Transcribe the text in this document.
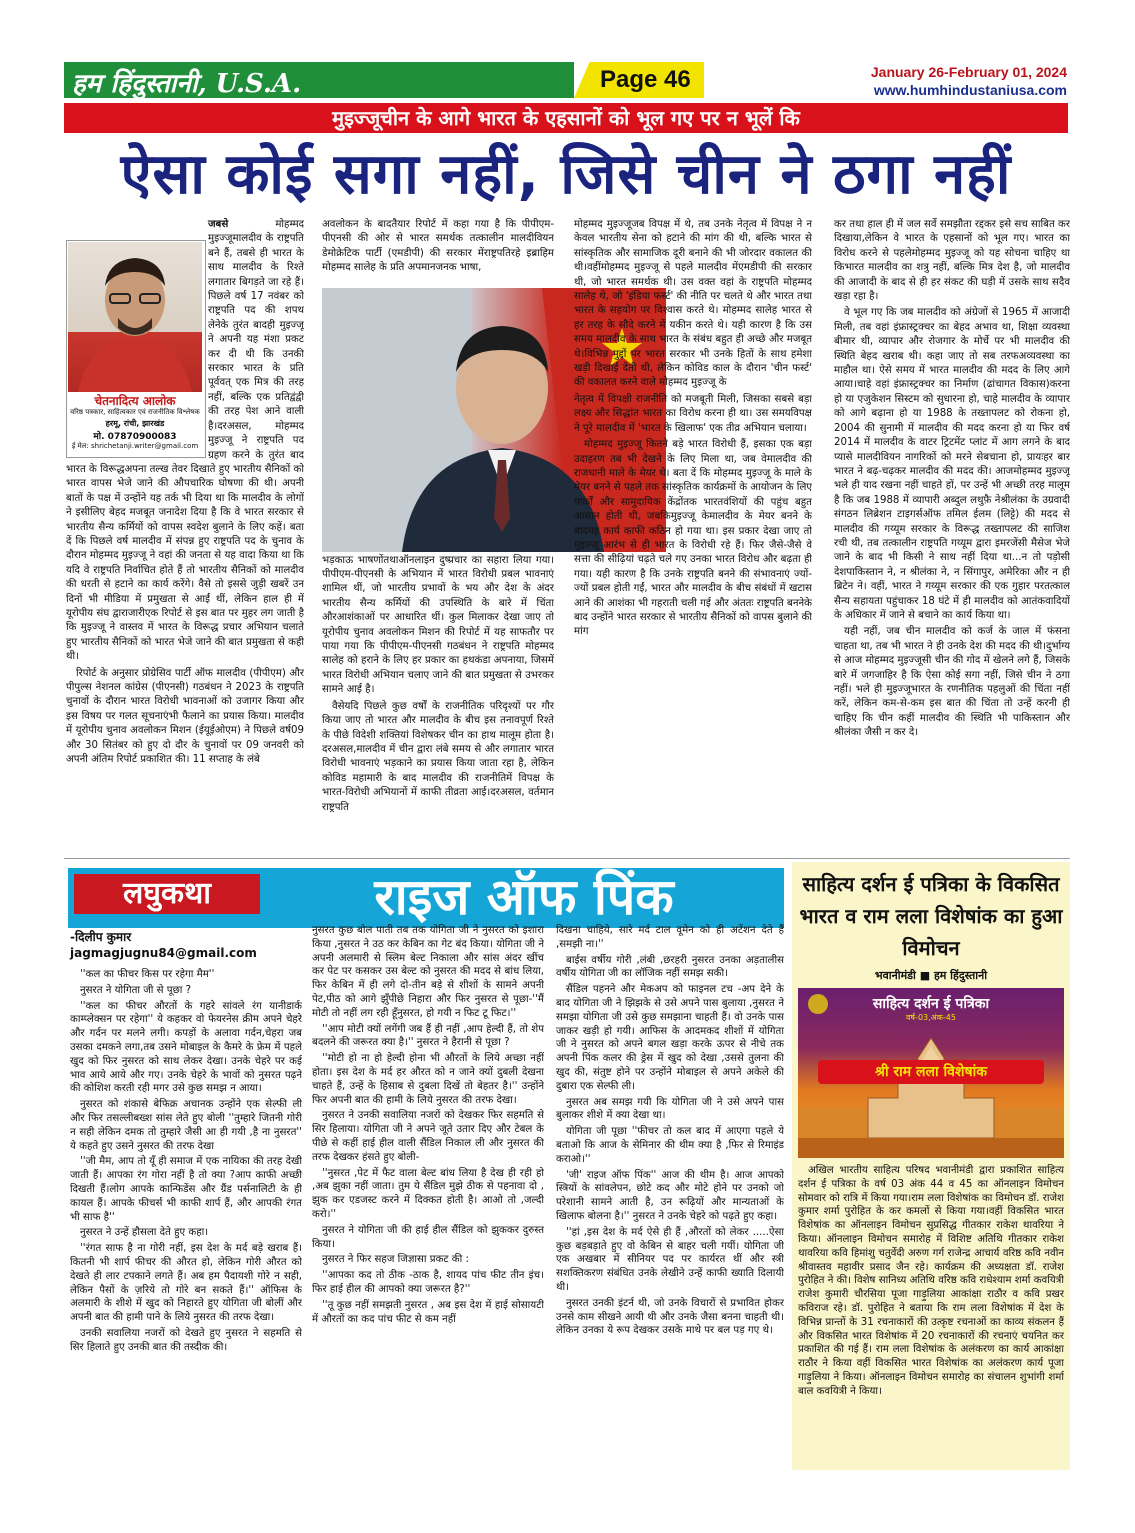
हम हिंदुस्तानी, U.S.A.	Page 46	January 26-February 01, 2024
www.humhindustaniusa.com
मुइज्जूचीन के आगे भारत के एहसानों को भूल गए पर न भूलें कि
ऐसा कोई सगा नहीं, जिसे चीन ने ठगा नहीं

जबसे	मोहम्मद मुइज्जूमालदीव के राष्ट्रपति बने हैं, तबसे ही भारत के साथ मालदीव के रिश्ते लगातार बिगड़ते जा रहे हैं। पिछले वर्ष 17 नवंबर को राष्ट्रपति पद की शपथ लेनेके तुरंत बादही मुइज्जू ने अपनी यह मंशा प्रकट कर दी थी कि उनकी सरकार भारत के प्रति पूर्ववत् एक मित्र की तरह नहीं, बल्कि एक प्रतिद्वंद्वी की तरह पेश आने वाली है।दरअसल, मोहम्मद मुइज्जू ने राष्ट्रपति पद ग्रहण करने के तुरंत बाद भारत के विरूद्धअपना तल्ख तेवर दिखाते हुए भारतीय सैनिकों को भारत वापस भेजे जाने की औपचारिक घोषणा की थी। अपनी बातों के पक्ष में उन्होंने यह तर्क भी दिया था कि मालदीव के लोगों ने इसीलिए बेहद मजबूत जनादेश दिया है कि वे भारत सरकार से भारतीय सैन्य कर्मियों को वापस स्वदेश बुलाने के लिए कहें। बता दें कि पिछले वर्ष मालदीव में संपन्न हुए राष्ट्रपति पद के चुनाव के दौरान मोहम्मद मुइज्जू ने वहां की जनता से यह वादा किया था कि यदि वे राष्ट्रपति निर्वाचित होते हैं तो भारतीय सैनिकों को मालदीव की धरती से हटाने का कार्य करेंगे। वैसे तो इससे जुड़ी खबरें उन दिनों भी मीडिया में प्रमुखता से आईं थीं, लेकिन हाल ही में यूरोपीय संघ द्वाराजारीएक रिपोर्ट से इस बात पर मुहर लग जाती है कि मुइज्जू ने वास्तव में भारत के विरूद्ध प्रचार अभियान चलाते हुए भारतीय सैनिकों को भारत भेजे जाने की बात प्रमुखता से कही थी।

रिपोर्ट के अनुसार प्रोग्रेसिव पार्टी ऑफ मालदीव (पीपीएम) और पीपुल्स नेशनल कांग्रेस (पीएनसी) गठबंधन ने 2023 के राष्ट्रपति चुनावों के दौरान भारत विरोधी भावनाओं को उजागर किया और इस विषय पर गलत सूचनाएंभी फैलाने का प्रयास किया। मालदीव में यूरोपीय चुनाव अवलोकन मिशन (ईयूईओएम) ने पिछले वर्ष09 और 30 सितंबर को हुए दो दौर के चुनावों पर 09 जनवरी को अपनी अंतिम रिपोर्ट प्रकाशित की। 11 सप्ताह के लंबे

चेतनादित्य आलोक
वरिष्ठ पत्रकार, साहित्यकार एवं राजनीतिक विश्लेषक
हरमू, रांची, झारखंड
मो. 07870900083
ई मेल: shrichetanji.writer@gmail.com

अवलोकन के बादतैयार रिपोर्ट में कहा गया है कि पीपीएम-पीएनसी की ओर से भारत समर्थक तत्कालीन मालदीवियन डेमोक्रेटिक पार्टी (एमडीपी) की सरकार मेंराष्ट्रपतिरहे इब्राहिम मोहम्मद सालेह के प्रति अपमानजनक भाषा,

भड़काऊ भाषणोंतथाऑनलाइन दुष्प्रचार का सहारा लिया गया। पीपीएम-पीएनसी के अभियान में भारत विरोधी प्रबल भावनाएं शामिल थीं, जो भारतीय प्रभावों के भय और देश के अंदर भारतीय सैन्य कर्मियों की उपस्थिति के बारे में चिंता औरआशंकाओं पर आधारित थीं। कुल मिलाकर देखा जाए तो यूरोपीय चुनाव अवलोकन मिशन की रिपोर्ट में यह साफतौर पर पाया गया कि पीपीएम-पीएनसी गठबंधन ने राष्ट्रपति मोहम्मद सालेह को हराने के लिए हर प्रकार का हथकंडा अपनाया, जिसमें भारत विरोधी अभियान चलाए जाने की बात प्रमुखता से उभरकर सामने आई है।

वैसेयदि पिछले कुछ वर्षों के राजनीतिक परिदृश्यों पर गौर किया जाए तो भारत और मालदीव के बीच इस तनावपूर्ण रिश्ते के पीछे विदेशी शक्तियां विशेषकर चीन का हाथ मालूम होता है। दरअसल,मालदीव में चीन द्वारा लंबे समय से और लगातार भारत विरोधी भावनाएं भड़काने का प्रयास किया जाता रहा है, लेकिन कोविड महामारी के बाद मालदीव की राजनीतिमें विपक्ष के भारत-विरोधी अभियानों में काफी तीव्रता आई।दरअसल, वर्तमान राष्ट्रपति

मोहम्मद मुइज्जूजब विपक्ष में थे, तब उनके नेतृत्व में विपक्ष ने न केवल भारतीय सेना को हटाने की मांग की थी, बल्कि भारत से सांस्कृतिक और सामाजिक दूरी बनाने की भी जोरदार वकालत की थी।वहींमोहम्मद मुइज्जू से पहले मालदीव मेंएमडीपी की सरकार थी, जो भारत समर्थक थी। उस वक्त वहां के राष्ट्रपति मोहम्मद सालेह थे, जो 'इंडिया फर्स्ट' की नीति पर चलते थे और भारत तथा भारत के सहयोग पर विश्वास करते थे। मोहम्मद सालेह भारत से हर तरह के सौदे करने में यकीन करते थे। यही कारण है कि उस समय मालदीव के साथ भारत के संबंध बहुत ही अच्छे और मजबूत थे।विभिन्न मुद्दों पर भारत सरकार भी उनके हितों के साथ हमेशा खड़ी दिखाई देती थी, लेकिन कोविड काल के दौरान 'चीन फर्स्ट' की वकालत करने वाले मोहम्मद मुइज्जू के

नेतृत्व में विपक्षी राजनीति को मजबूती मिली, जिसका सबसे बड़ा लक्ष्य और सिद्धांत भारत का विरोध करना ही था। उस समयविपक्ष ने पूरे मालदीव में 'भारत के खिलाफ' एक तीव्र अभियान चलाया।

मोहम्मद मुइज्जू कितने बड़े भारत विरोधी हैं, इसका एक बड़ा उदाहरण तब भी देखने के लिए मिला था, जब वेमालदीव की राजधानी माले के मेयर थे। बता दें कि मोहम्मद मुइज्जू के माले के मेयर बनने से पहले तक सांस्कृतिक कार्यक्रमों के आयोजन के लिए पार्कों और सामुदायिक केंद्रोंतक भारतवंशियों की पहुंच बहुत आसान होती थी, जबकिमुइज्जू केमालदीव के मेयर बनने के बादयह कार्य काफी कठिन हो गया था। इस प्रकार देखा जाए तो मुइज्जू आरंभ से ही भारत के विरोधी रहे हैं। फिर जैसे-जैसे वे सत्ता की सीढ़ियां चढ़ते चले गए उनका भारत विरोध और बढ़ता ही गया। यही कारण है कि उनके राष्ट्रपति बनने की संभावनाएं ज्यों-ज्यों प्रबल होती गईं, भारत और मालदीव के बीच संबंधों में खटास आने की आशंका भी गहराती चली गई और अंततः राष्ट्रपति बननेके बाद उन्होंने भारत सरकार से भारतीय सैनिकों को वापस बुलाने की मांग

कर तथा हाल ही में जल सर्वे समझौता रद्दकर इसे सच साबित कर दिखाया,लेकिन वे भारत के एहसानों को भूल गए। भारत का विरोध करने से पहलेमोहम्मद मुइज्जू को यह सोचना चाहिए था किभारत मालदीव का शत्रु नहीं, बल्कि मित्र देश है, जो मालदीव की आजादी के बाद से ही हर संकट की घड़ी में उसके साथ सदैव खड़ा रहा है।

वे भूल गए कि जब मालदीव को अंग्रेजों से 1965 में आजादी मिली, तब वहां इंफ्रास्ट्रक्चर का बेहद अभाव था, शिक्षा व्यवस्था बीमार थी, व्यापार और रोजगार के मोर्चे पर भी मालदीव की स्थिति बेहद खराब थी। कहा जाए तो सब तरफअव्यवस्था का माहौल था। ऐसे समय में भारत मालदीव की मदद के लिए आगे आया।चाहे वहां इंफ्रास्ट्रक्चर का निर्माण (ढांचागत विकास)करना हो या एजुकेशन सिस्टम को सुधारना हो, चाहे मालदीव के व्यापार को आगे बढ़ाना हो या 1988 के तख्तापलट को रोकना हो, 2004 की सुनामी में मालदीव की मदद करना हो या फिर वर्ष 2014 में मालदीव के वाटर ट्रिटमेंट प्लांट में आग लगने के बाद प्यासे मालदीवियन नागरिकों को मरने सेबचाना हो, प्रायःहर बार भारत ने बढ़-चढ़कर मालदीव की मदद की। आजमोहम्मद मुइज्जू भले ही याद रखना नहीं चाहते हों, पर उन्हें भी अच्छी तरह मालूम है कि जब 1988 में व्यापारी अब्दुल लथुफ़ै नेश्रीलंका के उग्रवादी संगठन लिब्रेशन टाइगर्सऑफ तमिल ईलम (लिट्टे) की मदद से मालदीव की गय्यूम सरकार के विरूद्ध तख्तापलट की साजिश रची थी, तब तत्कालीन राष्ट्रपति गय्यूम द्वारा इमरजेंसी मैसेज भेजे जाने के बाद भी किसी ने साथ नहीं दिया था...न तो पड़ोसी देशपाकिस्तान ने, न श्रीलंका ने, न सिंगापुर, अमेरिका और न ही ब्रिटेन ने। वहीं, भारत ने गय्यूम सरकार की एक गुहार परतत्काल सैन्य सहायता पहुंचाकर 18 घंटे में ही मालदीव को आतंकवादियों के अधिकार में जाने से बचाने का कार्य किया था।

यही नहीं, जब चीन मालदीव को कर्ज के जाल में फंसना चाहता था, तब भी भारत ने ही उनके देश की मदद की थी।दुर्भाग्य से आज मोहम्मद मुइज्जूसी चीन की गोद में खेलने लगे हैं, जिसके बारे में जगजाहिर है कि ऐसा कोई सगा नहीं, जिसे चीन ने ठगा नहीं। भले ही मुइज्जूभारत के रणनीतिक पहलुओं की चिंता नहीं करें, लेकिन कम-से-कम इस बात की चिंता तो उन्हें करनी ही चाहिए कि चीन कहीं मालदीव की स्थिति भी पाकिस्तान और श्रीलंका जैसी न कर दे।

लघुकथा	राइज ऑफ पिंक
-दिलीप कुमार
jagmagjugnu84@gmail.com

''कल का फीचर किस पर रहेगा मैम''

नुसरत ने योगिता जी से पूछा ?

''कल का फीचर औरतों के गहरे सांवले रंग यानीडार्क काम्प्लेक्सन पर रहेगा'' ये कहकर वो फेयरनेस क्रीम अपने चेहरे और गर्दन पर मलने लगी। कपड़ों के अलावा गर्दन,चेहरा जब उसका दमकने लगा,तब उसने मोबाइल के कैमरे के फ्रेम में पहले खुद को फिर नुसरत को साथ लेकर देखा। उनके चेहरे पर कई भाव आये आये और गए। उनके चेहरे के भावों को नुसरत पढ़ने की कोशिश करती रही मगर उसे कुछ समझ न आया।

नुसरत को शंकासे बेफिक्र अचानक उन्होंने एक सेल्फी ली और फिर तसल्लीबख्श सांस लेते हुए बोली ''तुम्हारे जितनी गोरी न सही लेकिन दमक तो तुम्हारे जैसी आ ही गयी ,है ना नुसरत'' ये कहते हुए उसने नुसरत की तरफ देखा

''जी मैम, आप तो यूँ ही समाज में एक नायिका की तरह देखी जाती हैं। आपका रंग गोरा नहीं है तो क्या ?आप काफी अच्छी दिखती हैं।लोग आपके कान्फिडेंस और ग्रैंड पर्सनालिटी के ही कायल हैं। आपके फीचर्स भी काफी शार्प हैं, और आपकी रंगत भी साफ है''

नुसरत ने उन्हें हौसला देते हुए कहा।

''रंगत साफ है ना गोरी नहीं, इस देश के मर्द बड़े खराब हैं। कितनी भी शार्प फीचर की औरत हो, लेकिन गोरी औरत को देखते ही लार टपकाने लगते हैं। अब हम पैदायशी गोरे न सही, लेकिन पैसों के ज़रिये तो गोरे बन सकते हैं।'' ऑफिस के अलमारी के शीशे में खुद को निहारते हुए योगिता जी बोलीं और अपनी बात की हामी पाने के लिये नुसरत की तरफ देखा।

उनकी सवालिया नजरों को देखते हुए नुसरत ने सहमति से सिर हिलाते हुए उनकी बात की तस्दीक की।

नुसरत कुछ बोल पाती तब तक योगिता जी ने नुसरत को इशारा किया ,नुसरत ने उठ कर केबिन का गेट बंद किया। योगिता जी ने अपनी अलमारी से स्लिम बेल्ट निकाला और सांस अंदर खींच कर पेट पर कसकर उस बेल्ट को नुसरत की मदद से बांध लिया, फिर केबिन में ही लगे दो-तीन बड़े से शीशों के सामने अपनी पेट,पीठ को आगे झुँपीछे निहारा और फिर नुसरत से पूछा-''मैं मोटी तो नहीं लग रही हूँनुसरत, हो गयी न फिट टू फिट।''

''आप मोटी क्यों लगेंगी जब हैं ही नहीं ,आप हेल्दी हैं, तो शेप बदलने की जरूरत क्या है।'' नुसरत ने हैरानी से पूछा ?

''मोटी हो ना हो हेल्दी होना भी औरतों के लिये अच्छा नहीं होता। इस देश के मर्द हर औरत को न जाने क्यों दुबली देखना चाहते हैं, उन्हें के हिसाब से दुबला दिखें तो बेहतर है।'' उन्होंने फिर अपनी बात की हामी के लिये नुसरत की तरफ देखा।

नुसरत ने उनकी सवालिया नजरों को देखकर फिर सहमति से सिर हिलाया। योगिता जी ने अपने जूते उतार दिए और टेबल के पीछे से कहीं हाई हील वाली सैंडिल निकाल ली और नुसरत की तरफ देखकर हंसते हुए बोली-

''नुसरत ,पेट में फैट वाला बेल्ट बांध लिया है देख ही रही हो ,अब झुका नहीं जाता। तुम ये सैंडिल मुझे ठीक से पहनावा दो , झुक कर एडजस्ट करने में दिक्कत होती है। आओ तो ,जल्दी करो।''

नुसरत ने योगिता जी की हाई हील सैंडिल को झुककर दुरुस्त किया।

नुसरत ने फिर सहज जिज्ञासा प्रकट की :

''आपका कद तो ठीक -ठाक है, शायद पांच फीट तीन इंच। फिर हाई हील की आपको क्या जरूरत है?''

''तू कुछ नहीं समझती नुसरत , अब इस देश में हाई सोसायटी में औरतों का कद पांच फीट से कम नहीं

दिखना चाहिये, सारे मर्द टाल वूमेन को ही अटेंशन देते हैं ,समझी ना।''

बाईस वर्षीय गोरी ,लंबी ,छरहरी नुसरत उनका अड़तालीस वर्षीय योगिता जी का लॉजिक नहीं समझ सकी।

सैंडिल पहनने और मेकअप को फाइनल टच -अप देने के बाद योगिता जी ने झिझके से उसे अपने पास बुलाया ,नुसरत ने समझा योगिता जी उसे कुछ समझाना चाहती हैं। वो उनके पास जाकर खड़ी हो गयी। आफिस के आदमकद शीशों में योगिता जी ने नुसरत को अपने बगल खड़ा करके ऊपर से नीचे तक अपनी पिंक कलर की ड्रेस में खुद को देखा ,उससे तुलना की खुद की, संतुष्ट होने पर उन्होंने मोबाइल से अपने अकेले की दुबारा एक सेल्फी ली।

नुसरत अब समझ गयी कि योगिता जी ने उसे अपने पास बुलाकर शीशे में क्या देखा था।

योगिता जी पूछा ''फीचर तो कल बाद में आएगा पहले ये बताओ कि आज के सेमिनार की थीम क्या है ,फिर से रिमाइंड कराओ।''

'जी' राइज ऑफ पिंक'' आज की थीम है। आज आपको स्त्रियों के सांवलेपन, छोटे कद और मोटे होने पर उनको जो परेशानी सामने आती है, उन रूढ़ियों और मान्यताओं के खिलाफ बोलना है।'' नुसरत ने उनके चेहरे को पढ़ते हुए कहा।

''हां ,इस देश के मर्द ऐसे ही हैं ,औरतों को लेकर .....ऐसा कुछ बड़बड़ाते हुए वो केबिन से बाहर चली गयीं। योगिता जी एक अखबार में सीनियर पद पर कार्यरत थीं और स्त्री सशक्तिकरण संबंधित उनके लेखीने उन्हें काफी ख्याति दिलायी थी।

नुसरत उनकी इंटर्न थी, जो उनके विचारों से प्रभावित होकर उनसे काम सीखने आयी थी और उनके जैसा बनना चाहती थी। लेकिन उनका ये रूप देखकर उसके माथे पर बल पड़ गए थे।

साहित्य दर्शन ई पत्रिका के विकसित भारत व राम लला विशेषांक का हुआ विमोचन
भवानीमंडी ■ हम हिंदुस्तानी
साहित्य दर्शन ई पत्रिका
वर्ष-03,अंक-45
श्री राम लला विशेषांक

अखिल भारतीय साहित्य परिषद भवानीमंडी द्वारा प्रकाशित साहित्य दर्शन ई पत्रिका के वर्ष 03 अंक 44 व 45 का ऑनलाइन विमोचन सोमवार को रात्रि में किया गया।राम लला विशेषांक का विमोचन डॉ. राजेश कुमार शर्मा पुरोहित के कर कमलों से किया गया।वहीं विकसित भारत विशेषांक का ऑनलाइन विमोचन सुप्रसिद्ध गीतकार राकेश थावरिया ने किया। ऑनलाइन विमोचन समारोह में विशिष्ट अतिथि गीतकार राकेश थावरिया कवि हिमांशु चतुर्वेदी अरुण गर्ग राजेन्द्र आचार्य वरिष्ठ कवि नवीन श्रीवास्तव महावीर प्रसाद जैन रहे। कार्यक्रम की अध्यक्षता डॉ. राजेश पुरोहित ने की। विशेष सानिध्य अतिथि वरिष्ठ कवि राधेश्याम शर्मा कवयित्री राजेश कुमारी चौरसिया पूजा गाड़ुलिया आकांक्षा राठौर व कवि प्रखर कविराज रहे। डॉ. पुरोहित ने बताया कि राम लला विशेषांक में देश के विभिन्न प्रान्तों के 31 रचनाकारों की उत्कृष्ट रचनाओं का काव्य संकलन हैं और विकसित भारत विशेषांक में 20 रचनाकारों की रचनाएं चयनित कर प्रकाशित की गई हैं। राम लला विशेषांक के अलंकरण का कार्य आकांक्षा राठौर ने किया वहीं विकसित भारत विशेषांक का अलंकरण कार्य पूजा गाड़ुलिया ने किया। ऑनलाइन विमोचन समारोह का संचालन शुभांगी शर्मा बाल कवयित्री ने किया।
